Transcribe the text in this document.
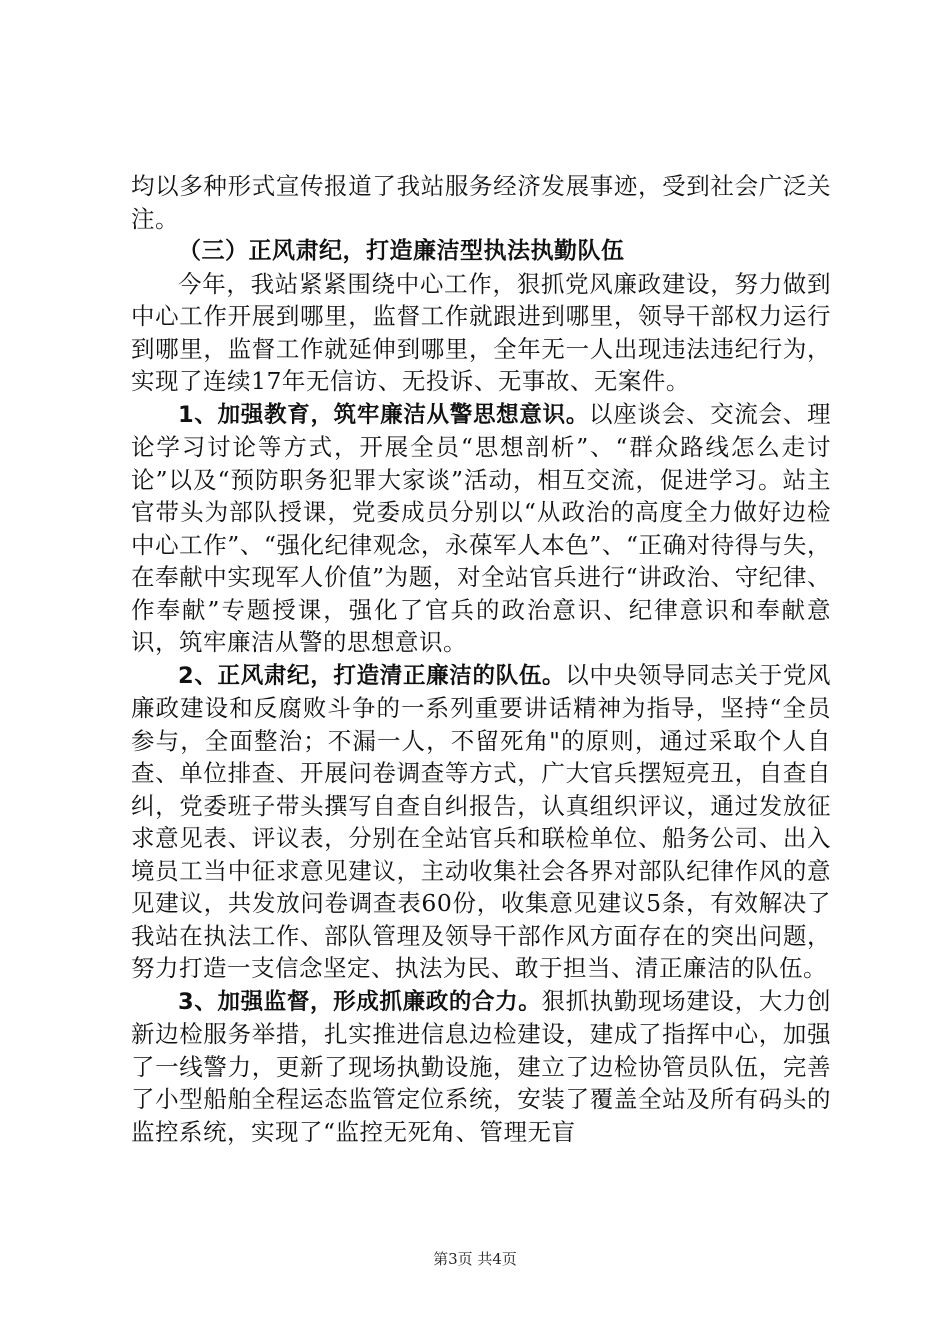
均以多种形式宣传报道了我站服务经济发展事迹，受到社会广泛关注。

（三）正风肃纪，打造廉洁型执法执勤队伍

今年，我站紧紧围绕中心工作，狠抓党风廉政建设，努力做到中心工作开展到哪里，监督工作就跟进到哪里，领导干部权力运行到哪里，监督工作就延伸到哪里，全年无一人出现违法违纪行为，实现了连续17年无信访、无投诉、无事故、无案件。

1、加强教育，筑牢廉洁从警思想意识。以座谈会、交流会、理论学习讨论等方式，开展全员“思想剖析”、“群众路线怎么走讨论”以及“预防职务犯罪大家谈”活动，相互交流，促进学习。站主官带头为部队授课，党委成员分别以“从政治的高度全力做好边检中心工作”、“强化纪律观念，永葆军人本色”、“正确对待得与失，在奉献中实现军人价值”为题，对全站官兵进行“讲政治、守纪律、作奉献”专题授课，强化了官兵的政治意识、纪律意识和奉献意识，筑牢廉洁从警的思想意识。

2、正风肃纪，打造清正廉洁的队伍。以中央领导同志关于党风廉政建设和反腐败斗争的一系列重要讲话精神为指导，坚持“全员参与，全面整治；不漏一人，不留死角"的原则，通过采取个人自查、单位排查、开展问卷调查等方式，广大官兵摆短亮丑，自查自纠，党委班子带头撰写自查自纠报告，认真组织评议，通过发放征求意见表、评议表，分别在全站官兵和联检单位、船务公司、出入境员工当中征求意见建议，主动收集社会各界对部队纪律作风的意见建议，共发放问卷调查表60份，收集意见建议5条，有效解决了我站在执法工作、部队管理及领导干部作风方面存在的突出问题，努力打造一支信念坚定、执法为民、敢于担当、清正廉洁的队伍。

3、加强监督，形成抓廉政的合力。狠抓执勤现场建设，大力创新边检服务举措，扎实推进信息边检建设，建成了指挥中心，加强了一线警力，更新了现场执勤设施，建立了边检协管员队伍，完善了小型船舶全程运态监管定位系统，安装了覆盖全站及所有码头的监控系统，实现了“监控无死角、管理无盲

第3页 共4页
